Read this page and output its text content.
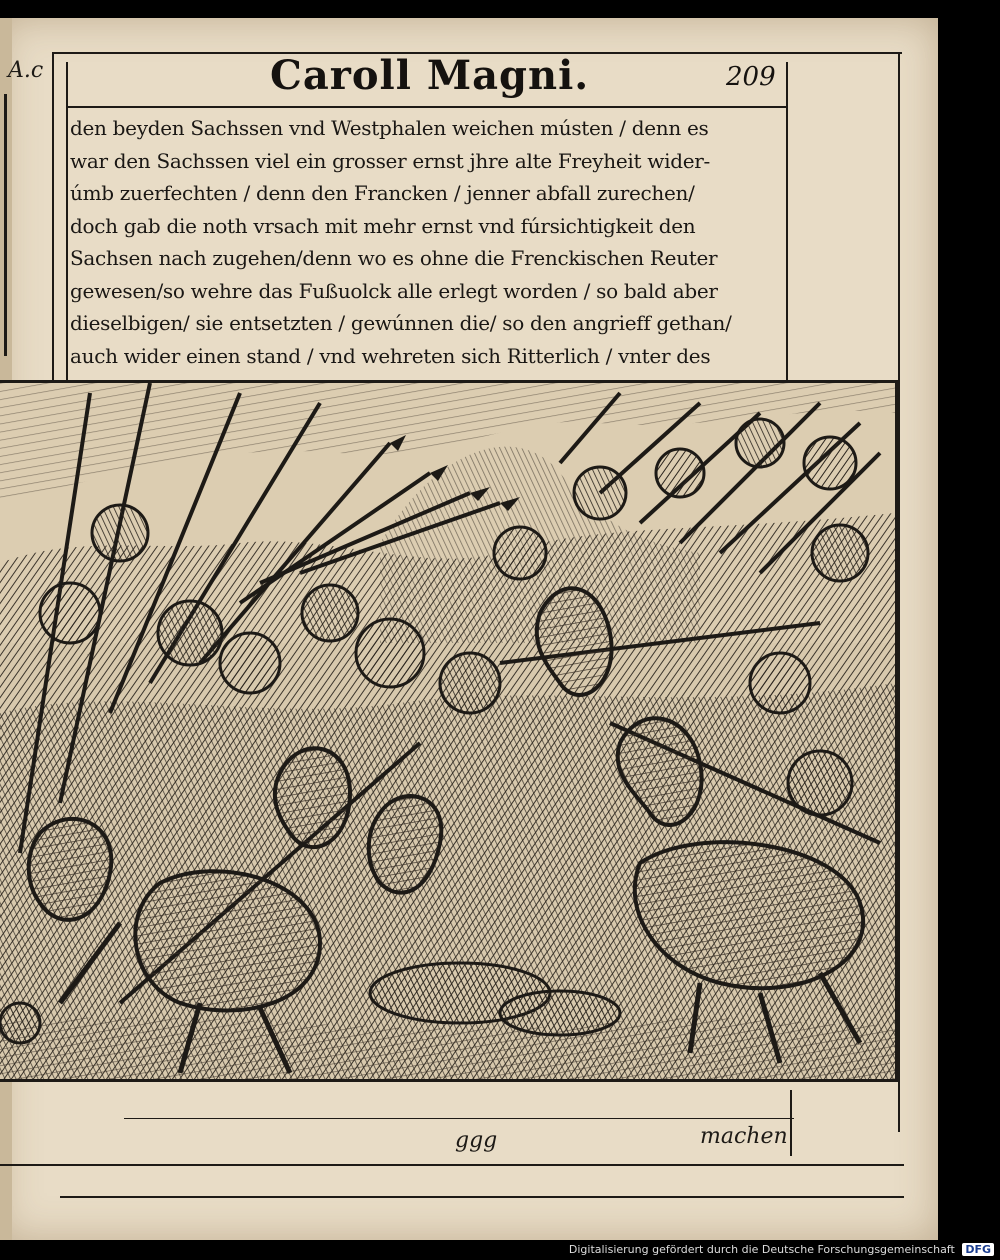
A.c	Caroll Magni.	209
den beyden Sachssen vnd Westphalen weichen músten / denn es
war den Sachssen viel ein grosser ernst jhre alte Freyheit wider-
úmb zuerfechten / denn den Francken / jenner abfall zurechen/
doch gab die noth vrsach mit mehr ernst vnd fúrsichtigkeit den
Sachsen nach zugehen/denn wo es ohne die Frenckischen Reuter
gewesen/so wehre das Fußuolck alle erlegt worden / so bald aber
dieselbigen/ sie entsetzten / gewúnnen die/ so den angrieff gethan/
auch wider einen stand / vnd wehreten sich Ritterlich / vnter des
ggg	machen
Digitalisierung gefördert durch die Deutsche Forschungsgemeinschaft DFG
